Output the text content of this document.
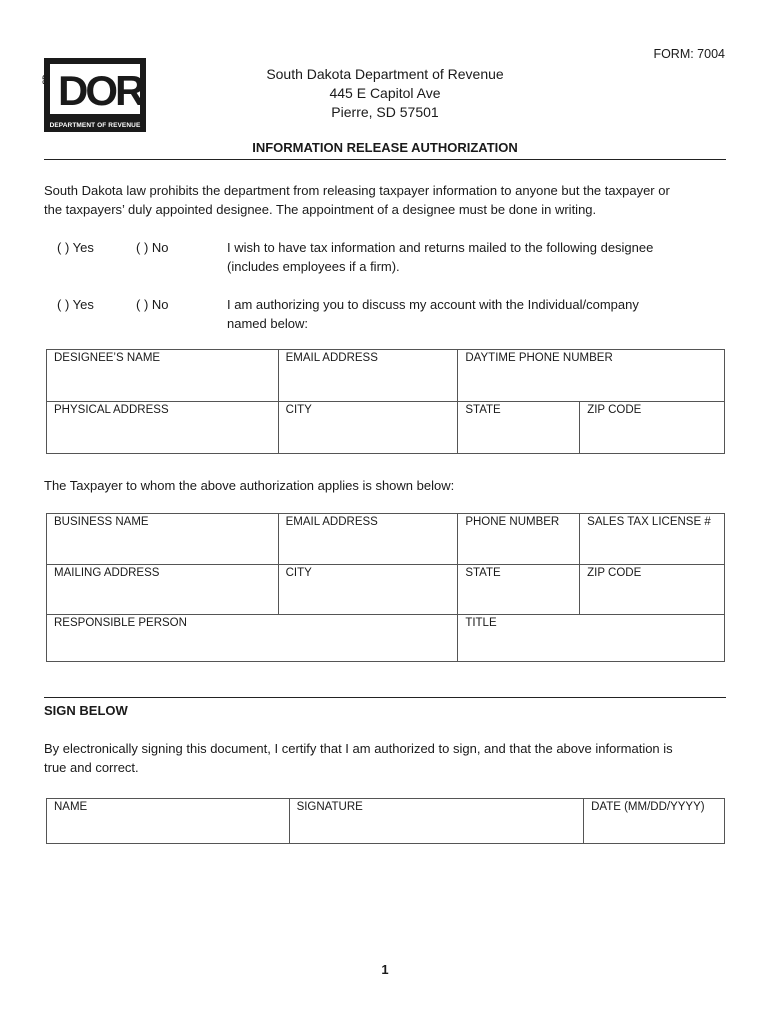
FORM: 7004
DOR
SD
DEPARTMENT OF REVENUE
South Dakota Department of Revenue
445 E Capitol Ave
Pierre, SD 57501
INFORMATION RELEASE AUTHORIZATION
South Dakota law prohibits the department from releasing taxpayer information to anyone but the taxpayer or
the taxpayers’ duly appointed designee. The appointment of a designee must be done in writing.
( ) Yes	( ) No	I wish to have tax information and returns mailed to the following designee
(includes employees if a firm).
( ) Yes	( ) No	I am authorizing you to discuss my account with the Individual/company
named below:
DESIGNEE’S NAME	EMAIL ADDRESS	DAYTIME PHONE NUMBER	
PHYSICAL ADDRESS	CITY	STATE	ZIP CODE
The Taxpayer to whom the above authorization applies is shown below:
BUSINESS NAME	EMAIL ADDRESS	PHONE NUMBER	SALES TAX LICENSE #
MAILING ADDRESS	CITY	STATE	ZIP CODE
RESPONSIBLE PERSON		TITLE	
SIGN BELOW
By electronically signing this document, I certify that I am authorized to sign, and that the above information is
true and correct.
NAME	SIGNATURE	DATE (MM/DD/YYYY)
1
